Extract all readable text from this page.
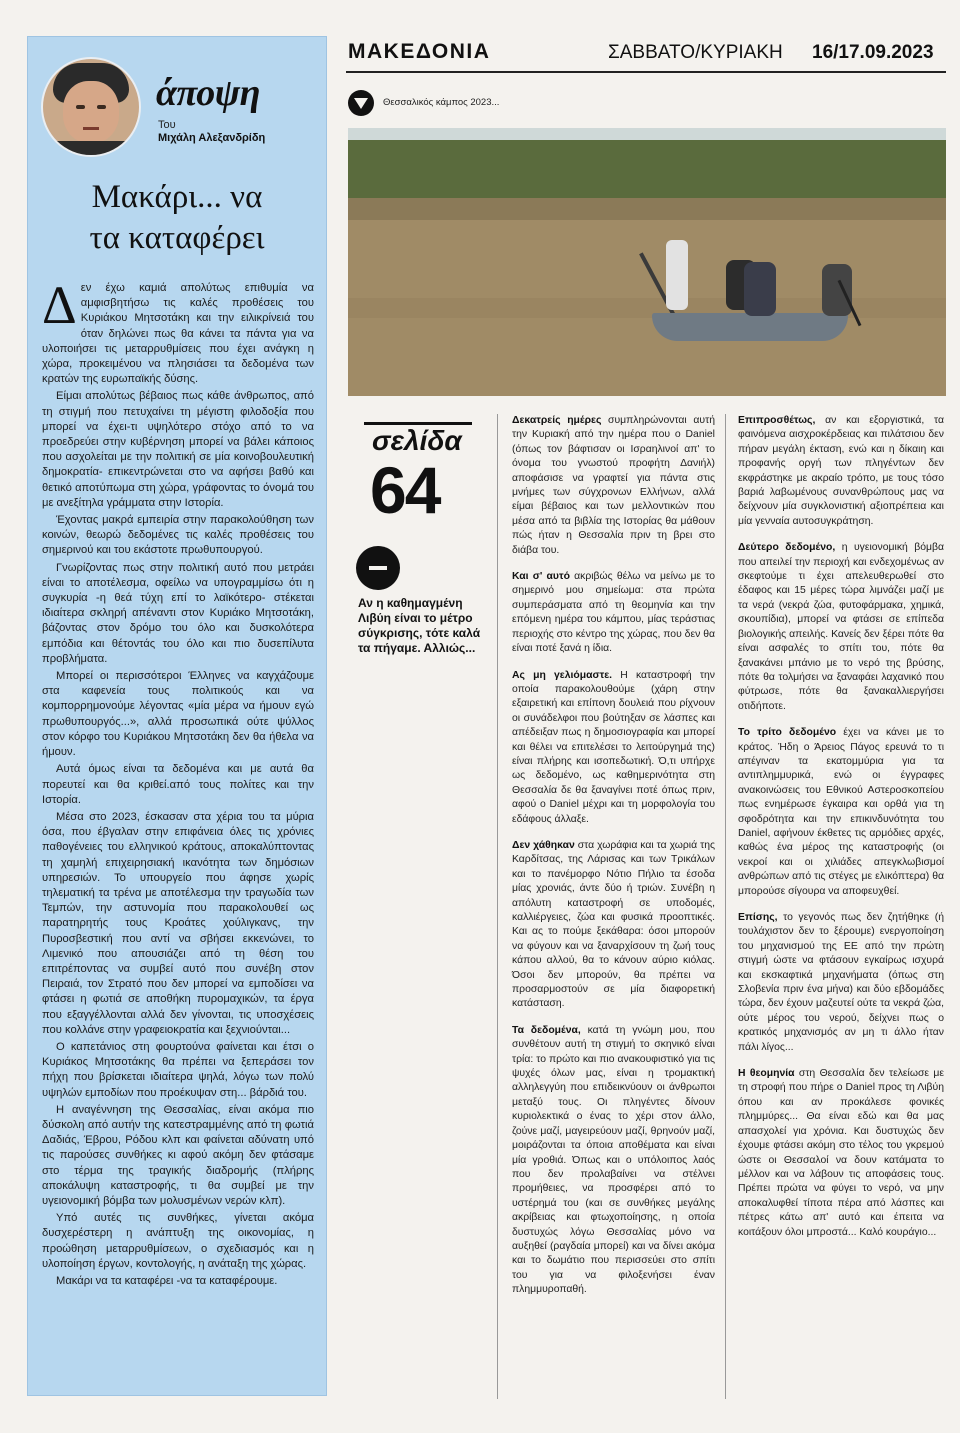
άποψη
Του
Μιχάλη Αλεξανδρίδη
Μακάρι... να
τα καταφέρει

Δεν έχω καμιά απολύτως επιθυμία να αμφισβητήσω τις καλές προθέσεις του Κυριάκου Μητσοτάκη και την ειλικρίνειά του όταν δηλώνει πως θα κάνει τα πάντα για να υλοποιήσει τις μεταρρυθμίσεις που έχει ανάγκη η χώρα, προκειμένου να πλησιάσει τα δεδομένα των κρατών της ευρωπαϊκής δύσης.

Είμαι απολύτως βέβαιος πως κάθε άνθρωπος, από τη στιγμή που πετυχαίνει τη μέγιστη φιλοδοξία που μπορεί να έχει-τι υψηλότερο στόχο από το να προεδρεύει στην κυβέρνηση μπορεί να βάλει κάποιος που ασχολείται με την πολιτική σε μία κοινοβουλευτική δημοκρατία- επικεντρώνεται στο να αφήσει βαθύ και θετικό αποτύπωμα στη χώρα, γράφοντας το όνομά του με ανεξίτηλα γράμματα στην Ιστορία.

Έχοντας μακρά εμπειρία στην παρακολούθηση των κοινών, θεωρώ δεδομένες τις καλές προθέσεις του σημερινού και του εκάστοτε πρωθυπουργού.

Γνωρίζοντας πως στην πολιτική αυτό που μετράει είναι το αποτέλεσμα, οφείλω να υπογραμμίσω ότι η συγκυρία -η θεά τύχη επί το λαϊκότερο- στέκεται ιδιαίτερα σκληρή απέναντι στον Κυριάκο Μητσοτάκη, βάζοντας στον δρόμο του όλο και δυσκολότερα εμπόδια και θέτοντάς του όλο και πιο δυσεπίλυτα προβλήματα.

Μπορεί οι περισσότεροι Έλληνες να καγχάζουμε στα καφενεία τους πολιτικούς και να κομπορρημονούμε λέγοντας «μία μέρα να ήμουν εγώ πρωθυπουργός...», αλλά προσωπικά ούτε ψύλλος στον κόρφο του Κυριάκου Μητσοτάκη δεν θα ήθελα να ήμουν.

Αυτά όμως είναι τα δεδομένα και με αυτά θα πορευτεί και θα κριθεί.από τους πολίτες και την Ιστορία.

Μέσα στο 2023, έσκασαν στα χέρια του τα μύρια όσα, που έβγαλαν στην επιφάνεια όλες τις χρόνιες παθογένειες του ελληνικού κράτους, αποκαλύπτοντας τη χαμηλή επιχειρησιακή ικανότητα των δημόσιων υπηρεσιών. Το υπουργείο που άφησε χωρίς τηλεματική τα τρένα με αποτέλεσμα την τραγωδία των Τεμπών, την αστυνομία που παρακολουθεί ως παρατηρητής τους Κροάτες χούλιγκανς, την Πυροσβεστική που αντί να σβήσει εκκενώνει, το Λιμενικό που απουσιάζει από τη θέση του επιτρέποντας να συμβεί αυτό που συνέβη στον Πειραιά, τον Στρατό που δεν μπορεί να εμποδίσει να φτάσει η φωτιά σε αποθήκη πυρομαχικών, τα έργα που εξαγγέλλονται αλλά δεν γίνονται, τις υποσχέσεις που κολλάνε στην γραφειοκρατία και ξεχνιούνται...

Ο καπετάνιος στη φουρτούνα φαίνεται και έτσι ο Κυριάκος Μητσοτάκης θα πρέπει να ξεπεράσει τον πήχη που βρίσκεται ιδιαίτερα ψηλά, λόγω των πολύ υψηλών εμποδίων που προέκυψαν στη... βάρδιά του.

Η αναγέννηση της Θεσσαλίας, είναι ακόμα πιο δύσκολη από αυτήν της κατεστραμμένης από τη φωτιά Δαδιάς, Έβρου, Ρόδου κλπ και φαίνεται αδύνατη υπό τις παρούσες συνθήκες κι αφού ακόμη δεν φτάσαμε στο τέρμα της τραγικής διαδρομής (πλήρης αποκάλυψη καταστροφής, τι θα συμβεί με την υγειονομική βόμβα των μολυσμένων νερών κλπ).

Υπό αυτές τις συνθήκες, γίνεται ακόμα δυσχερέστερη η ανάπτυξη της οικονομίας, η προώθηση μεταρρυθμίσεων, ο σχεδιασμός και η υλοποίηση έργων, κοντολογής, η ανάταξη της χώρας.

Μακάρι να τα καταφέρει -να τα καταφέρουμε.

ΜΑΚΕΔΟΝΙΑ	ΣΑΒΒΑΤΟ/ΚΥΡΙΑΚΗ 16/17.09.2023
Θεσσαλικός κάμπος 2023...
σελίδα
64
Αν η καθημαγμένη Λιβύη είναι το μέτρο σύγκρισης, τότε καλά τα πήγαμε. Αλλιώς...

Δεκατρείς ημέρες συμπληρώνονται αυτή την Κυριακή από την ημέρα που ο Daniel (όπως τον βάφτισαν οι Ισραηλινοί απ' το όνομα του γνωστού προφήτη Δανιήλ) αποφάσισε να γραφτεί για πάντα στις μνήμες των σύγχρονων Ελλήνων, αλλά είμαι βέβαιος και των μελλοντικών που μέσα από τα βιβλία της Ιστορίας θα μάθουν πώς ήταν η Θεσσαλία πριν τη βρει στο διάβα του.

Και σ' αυτό ακριβώς θέλω να μείνω με το σημερινό μου σημείωμα: στα πρώτα συμπεράσματα από τη θεομηνία και την επόμενη ημέρα του κάμπου, μίας τεράστιας περιοχής στο κέντρο της χώρας, που δεν θα είναι ποτέ ξανά η ίδια.

Ας μη γελιόμαστε. Η καταστροφή την οποία παρακολουθούμε (χάρη στην εξαιρετική και επίπονη δουλειά που ρίχνουν οι συνάδελφοι που βούτηξαν σε λάσπες και απέδειξαν πως η δημοσιογραφία και μπορεί και θέλει να επιτελέσει το λειτούργημά της) είναι πλήρης και ισοπεδωτική. Ό,τι υπήρχε ως δεδομένο, ως καθημερινότητα στη Θεσσαλία δε θα ξαναγίνει ποτέ όπως πριν, αφού ο Daniel μέχρι και τη μορφολογία του εδάφους άλλαξε.

Δεν χάθηκαν στα χωράφια και τα χωριά της Καρδίτσας, της Λάρισας και των Τρικάλων και το πανέμορφο Νότιο Πήλιο τα έσοδα μίας χρονιάς, άντε δύο ή τριών. Συνέβη η απόλυτη καταστροφή σε υποδομές, καλλιέργειες, ζώα και φυσικά προοπτικές. Και ας το πούμε ξεκάθαρα: όσοι μπορούν να φύγουν και να ξαναρχίσουν τη ζωή τους κάπου αλλού, θα το κάνουν αύριο κιόλας. Όσοι δεν μπορούν, θα πρέπει να προσαρμοστούν σε μία διαφορετική κατάσταση.

Τα δεδομένα, κατά τη γνώμη μου, που συνθέτουν αυτή τη στιγμή το σκηνικό είναι τρία: το πρώτο και πιο ανακουφιστικό για τις ψυχές όλων μας, είναι η τρομακτική αλληλεγγύη που επιδεικνύουν οι άνθρωποι μεταξύ τους. Οι πληγέντες δίνουν κυριολεκτικά ο ένας το χέρι στον άλλο, ζούνε μαζί, μαγειρεύουν μαζί, θρηνούν μαζί, μοιράζονται τα όποια αποθέματα και είναι μία γροθιά. Όπως και ο υπόλοιπος λαός που δεν προλαβαίνει να στέλνει προμήθειες, να προσφέρει από το υστέρημά του (και σε συνθήκες μεγάλης ακρίβειας και φτωχοποίησης, η οποία δυστυχώς λόγω Θεσσαλίας μόνο να αυξηθεί (ραγδαία μπορεί) και να δίνει ακόμα και το δωμάτιο που περισσεύει στο σπίτι του για να φιλοξενήσει έναν πλημμυροπαθή.

Επιπροσθέτως, αν και εξοργιστικά, τα φαινόμενα αισχροκέρδειας και πιλάτσιου δεν πήραν μεγάλη έκταση, ενώ και η δίκαιη και προφανής οργή των πληγέντων δεν εκφράστηκε με ακραίο τρόπο, με τους τόσο βαριά λαβωμένους συνανθρώπους μας να δείχνουν μία συγκλονιστική αξιοπρέπεια και μία γενναία αυτοσυγκράτηση.

Δεύτερο δεδομένο, η υγειονομική βόμβα που απειλεί την περιοχή και ενδεχομένως αν σκεφτούμε τι έχει απελευθερωθεί στο έδαφος και 15 μέρες τώρα λιμνάζει μαζί με τα νερά (νεκρά ζώα, φυτοφάρμακα, χημικά, σκουπίδια), μπορεί να φτάσει σε επίπεδα βιολογικής απειλής. Κανείς δεν ξέρει πότε θα είναι ασφαλές το σπίτι του, πότε θα ξανακάνει μπάνιο με το νερό της βρύσης, πότε θα τολμήσει να ξαναφάει λαχανικό που φύτρωσε, πότε θα ξανακαλλιεργήσει οτιδήποτε.

Το τρίτο δεδομένο έχει να κάνει με το κράτος. Ήδη ο Άρειος Πάγος ερευνά το τι απέγιναν τα εκατομμύρια για τα αντιπλημμυρικά, ενώ οι έγγραφες ανακοινώσεις του Εθνικού Αστεροσκοπείου πως ενημέρωσε έγκαιρα και ορθά για τη σφοδρότητα και την επικινδυνότητα του Daniel, αφήνουν έκθετες τις αρμόδιες αρχές, καθώς ένα μέρος της καταστροφής (οι νεκροί και οι χιλιάδες απεγκλωβισμοί ανθρώπων από τις στέγες με ελικόπτερα) θα μπορούσε σίγουρα να αποφευχθεί.

Επίσης, το γεγονός πως δεν ζητήθηκε (ή τουλάχιστον δεν το ξέρουμε) ενεργοποίηση του μηχανισμού της ΕΕ από την πρώτη στιγμή ώστε να φτάσουν εγκαίρως ισχυρά και εκσκαφτικά μηχανήματα (όπως στη Σλοβενία πριν ένα μήνα) και δύο εβδομάδες τώρα, δεν έχουν μαζευτεί ούτε τα νεκρά ζώα, ούτε μέρος του νερού, δείχνει πως ο κρατικός μηχανισμός αν μη τι άλλο ήταν πάλι λίγος...

Η θεομηνία στη Θεσσαλία δεν τελείωσε με τη στροφή που πήρε ο Daniel προς τη Λιβύη όπου και αν προκάλεσε φονικές πλημμύρες... Θα είναι εδώ και θα μας απασχολεί για χρόνια. Και δυστυχώς δεν έχουμε φτάσει ακόμη στο τέλος του γκρεμού ώστε οι Θεσσαλοί να δουν κατάματα το μέλλον και να λάβουν τις αποφάσεις τους. Πρέπει πρώτα να φύγει το νερό, να μην αποκαλυφθεί τίποτα πέρα από λάσπες και πέτρες κάτω απ' αυτό και έπειτα να κοιτάξουν όλοι μπροστά... Καλό κουράγιο...
